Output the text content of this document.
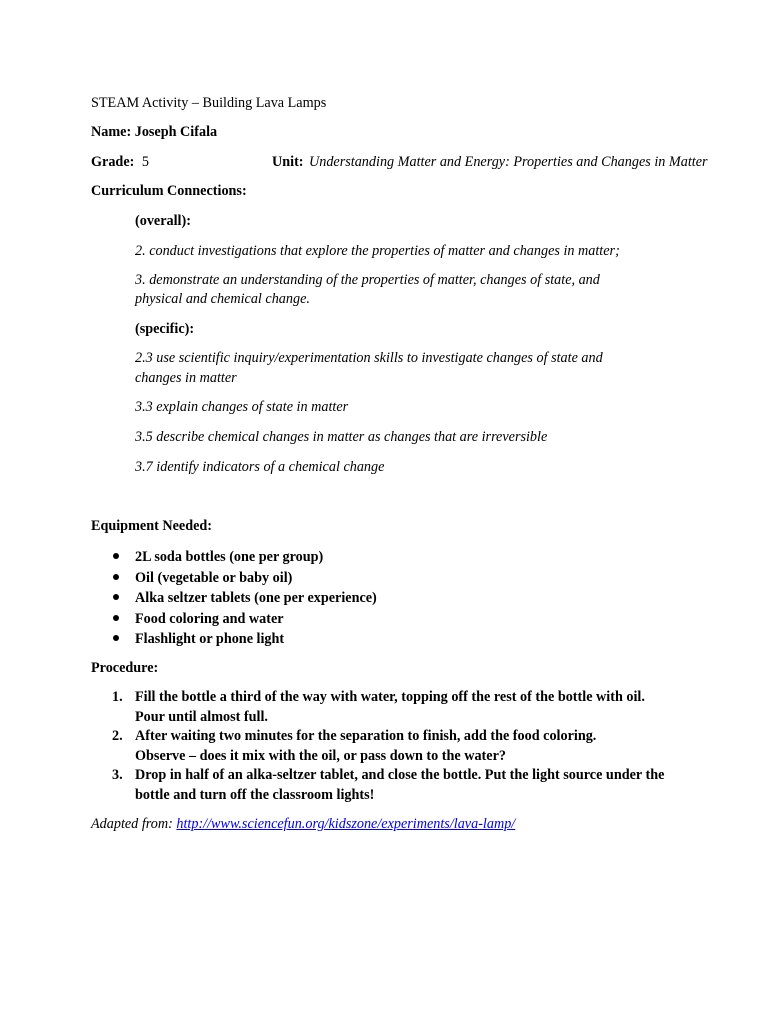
STEAM Activity – Building Lava Lamps
Name: Joseph Cifala
Grade: 5	Unit: Understanding Matter and Energy: Properties and Changes in Matter
Curriculum Connections:
(overall):
2. conduct investigations that explore the properties of matter and changes in matter;
3. demonstrate an understanding of the properties of matter, changes of state, and
physical and chemical change.
(specific):
2.3 use scientific inquiry/experimentation skills to investigate changes of state and
changes in matter
3.3 explain changes of state in matter
3.5 describe chemical changes in matter as changes that are irreversible
3.7 identify indicators of a chemical change
Equipment Needed:
2L soda bottles (one per group)
Oil (vegetable or baby oil)
Alka seltzer tablets (one per experience)
Food coloring and water
Flashlight or phone light
Procedure:
1. Fill the bottle a third of the way with water, topping off the rest of the bottle with oil. Pour until almost full.
2. After waiting two minutes for the separation to finish, add the food coloring. Observe – does it mix with the oil, or pass down to the water?
3. Drop in half of an alka-seltzer tablet, and close the bottle. Put the light source under the bottle and turn off the classroom lights!
Adapted from: http://www.sciencefun.org/kidszone/experiments/lava-lamp/
